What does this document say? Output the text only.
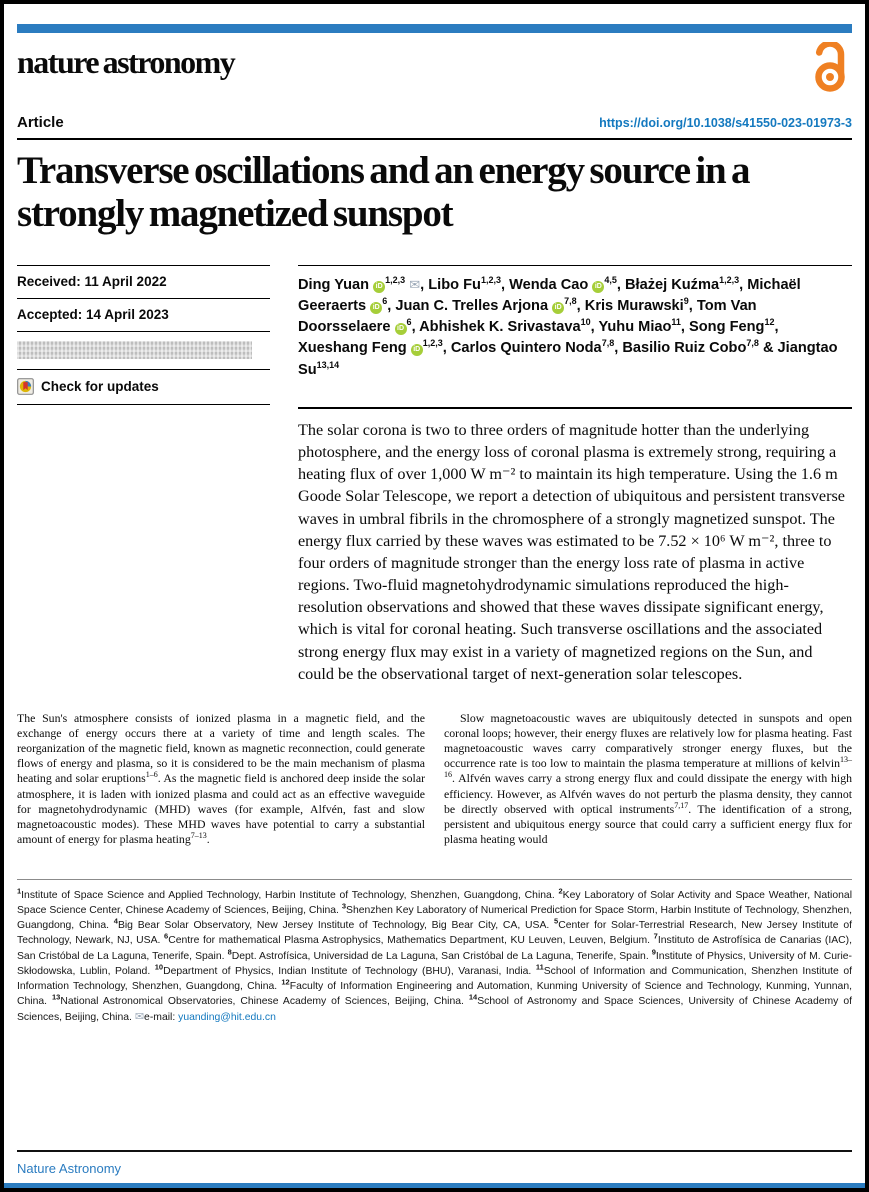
nature astronomy
Article	https://doi.org/10.1038/s41550-023-01973-3
Transverse oscillations and an energy source in a strongly magnetized sunspot
Received: 11 April 2022
Accepted: 14 April 2023
Check for updates
Ding Yuan iD$^{1,2,3}$ ✉, Libo Fu$^{1,2,3}$, Wenda Cao iD$^{4,5}$, Błażej Kuźma$^{1,2,3}$, Michaël Geeraerts $iD^6$, Juan C. Trelles Arjona iD$^{7,8}$, Kris Murawski$^9$, Tom Van Doorsselaere $iD^6$, Abhishek K. Srivastava$^{10}$, Yuhu Miao$^{11}$, Song Feng$^{12}$, Xueshang Feng iD$^{1,2,3}$, Carlos Quintero Noda$^{7,8}$, Basilio Ruiz Cobo$^{7,8}$ & Jiangtao Su$^{13,14}$
The solar corona is two to three orders of magnitude hotter than the underlying photosphere, and the energy loss of coronal plasma is extremely strong, requiring a heating flux of over 1,000 W m⁻² to maintain its high temperature. Using the 1.6 m Goode Solar Telescope, we report a detection of ubiquitous and persistent transverse waves in umbral fibrils in the chromosphere of a strongly magnetized sunspot. The energy flux carried by these waves was estimated to be 7.52 × 10⁶ W m⁻², three to four orders of magnitude stronger than the energy loss rate of plasma in active regions. Two-fluid magnetohydrodynamic simulations reproduced the high-resolution observations and showed that these waves dissipate significant energy, which is vital for coronal heating. Such transverse oscillations and the associated strong energy flux may exist in a variety of magnetized regions on the Sun, and could be the observational target of next-generation solar telescopes.

The Sun's atmosphere consists of ionized plasma in a magnetic field, and the exchange of energy occurs there at a variety of time and length scales. The reorganization of the magnetic field, known as magnetic reconnection, could generate flows of energy and plasma, so it is considered to be the main mechanism of plasma heating and solar eruptions$^{1-6}$. As the magnetic field is anchored deep inside the solar atmosphere, it is laden with ionized plasma and could act as an effective waveguide for magnetohydrodynamic (MHD) waves (for example, Alfvén, fast and slow magnetoacoustic modes). These MHD waves have potential to carry a substantial amount of energy for plasma heating$^{7-13}$.

Slow magnetoacoustic waves are ubiquitously detected in sunspots and open coronal loops; however, their energy fluxes are relatively low for plasma heating. Fast magnetoacoustic waves carry comparatively stronger energy fluxes, but the occurrence rate is too low to maintain the plasma temperature at millions of kelvin$^{13-16}$. Alfvén waves carry a strong energy flux and could dissipate the energy with high efficiency. However, as Alfvén waves do not perturb the plasma density, they cannot be directly observed with optical instruments$^{7,17}$. The identification of a strong, persistent and ubiquitous energy source that could carry a sufficient energy flux for plasma heating would

$^1$Institute of Space Science and Applied Technology, Harbin Institute of Technology, Shenzhen, Guangdong, China. $^2$Key Laboratory of Solar Activity and Space Weather, National Space Science Center, Chinese Academy of Sciences, Beijing, China. $^3$Shenzhen Key Laboratory of Numerical Prediction for Space Storm, Harbin Institute of Technology, Shenzhen, Guangdong, China. $^4$Big Bear Solar Observatory, New Jersey Institute of Technology, Big Bear City, CA, USA. $^5$Center for Solar-Terrestrial Research, New Jersey Institute of Technology, Newark, NJ, USA. $^6$Centre for mathematical Plasma Astrophysics, Mathematics Department, KU Leuven, Leuven, Belgium. $^7$Instituto de Astrofísica de Canarias (IAC), San Cristóbal de La Laguna, Tenerife, Spain. $^8$Dept. Astrofísica, Universidad de La Laguna, San Cristóbal de La Laguna, Tenerife, Spain. $^9$Institute of Physics, University of M. Curie-Skłodowska, Lublin, Poland. $^{10}$Department of Physics, Indian Institute of Technology (BHU), Varanasi, India. $^{11}$School of Information and Communication, Shenzhen Institute of Information Technology, Shenzhen, Guangdong, China. $^{12}$Faculty of Information Engineering and Automation, Kunming University of Science and Technology, Kunming, Yunnan, China. $^{13}$National Astronomical Observatories, Chinese Academy of Sciences, Beijing, China. $^{14}$School of Astronomy and Space Sciences, University of Chinese Academy of Sciences, Beijing, China. ✉e-mail: yuanding@hit.edu.cn
Nature Astronomy
